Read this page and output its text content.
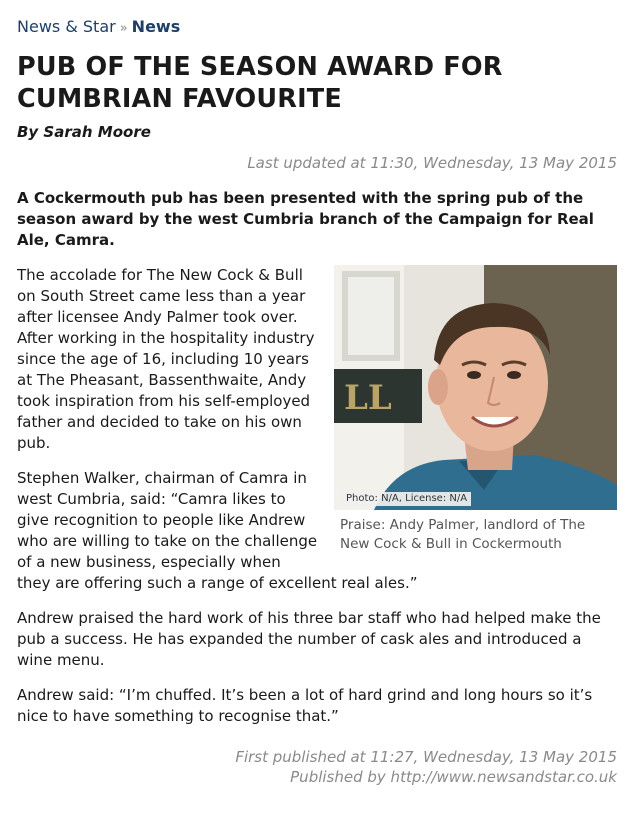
News & Star » News
PUB OF THE SEASON AWARD FOR CUMBRIAN FAVOURITE
By Sarah Moore
Last updated at 11:30, Wednesday, 13 May 2015

A Cockermouth pub has been presented with the spring pub of the season award by the west Cumbria branch of the Campaign for Real Ale, Camra.

LL
Photo: N/A, License: N/A
Praise: Andy Palmer, landlord of The New Cock & Bull in Cockermouth

The accolade for The New Cock & Bull on South Street came less than a year after licensee Andy Palmer took over. After working in the hospitality industry since the age of 16, including 10 years at The Pheasant, Bassenthwaite, Andy took inspiration from his self-employed father and decided to take on his own pub.

Stephen Walker, chairman of Camra in west Cumbria, said: “Camra likes to give recognition to people like Andrew who are willing to take on the challenge of a new business, especially when they are offering such a range of excellent real ales.”

Andrew praised the hard work of his three bar staff who had helped make the pub a success. He has expanded the number of cask ales and introduced a wine menu.

Andrew said: “I’m chuffed. It’s been a lot of hard grind and long hours so it’s nice to have something to recognise that.”

First published at 11:27, Wednesday, 13 May 2015
Published by http://www.newsandstar.co.uk
